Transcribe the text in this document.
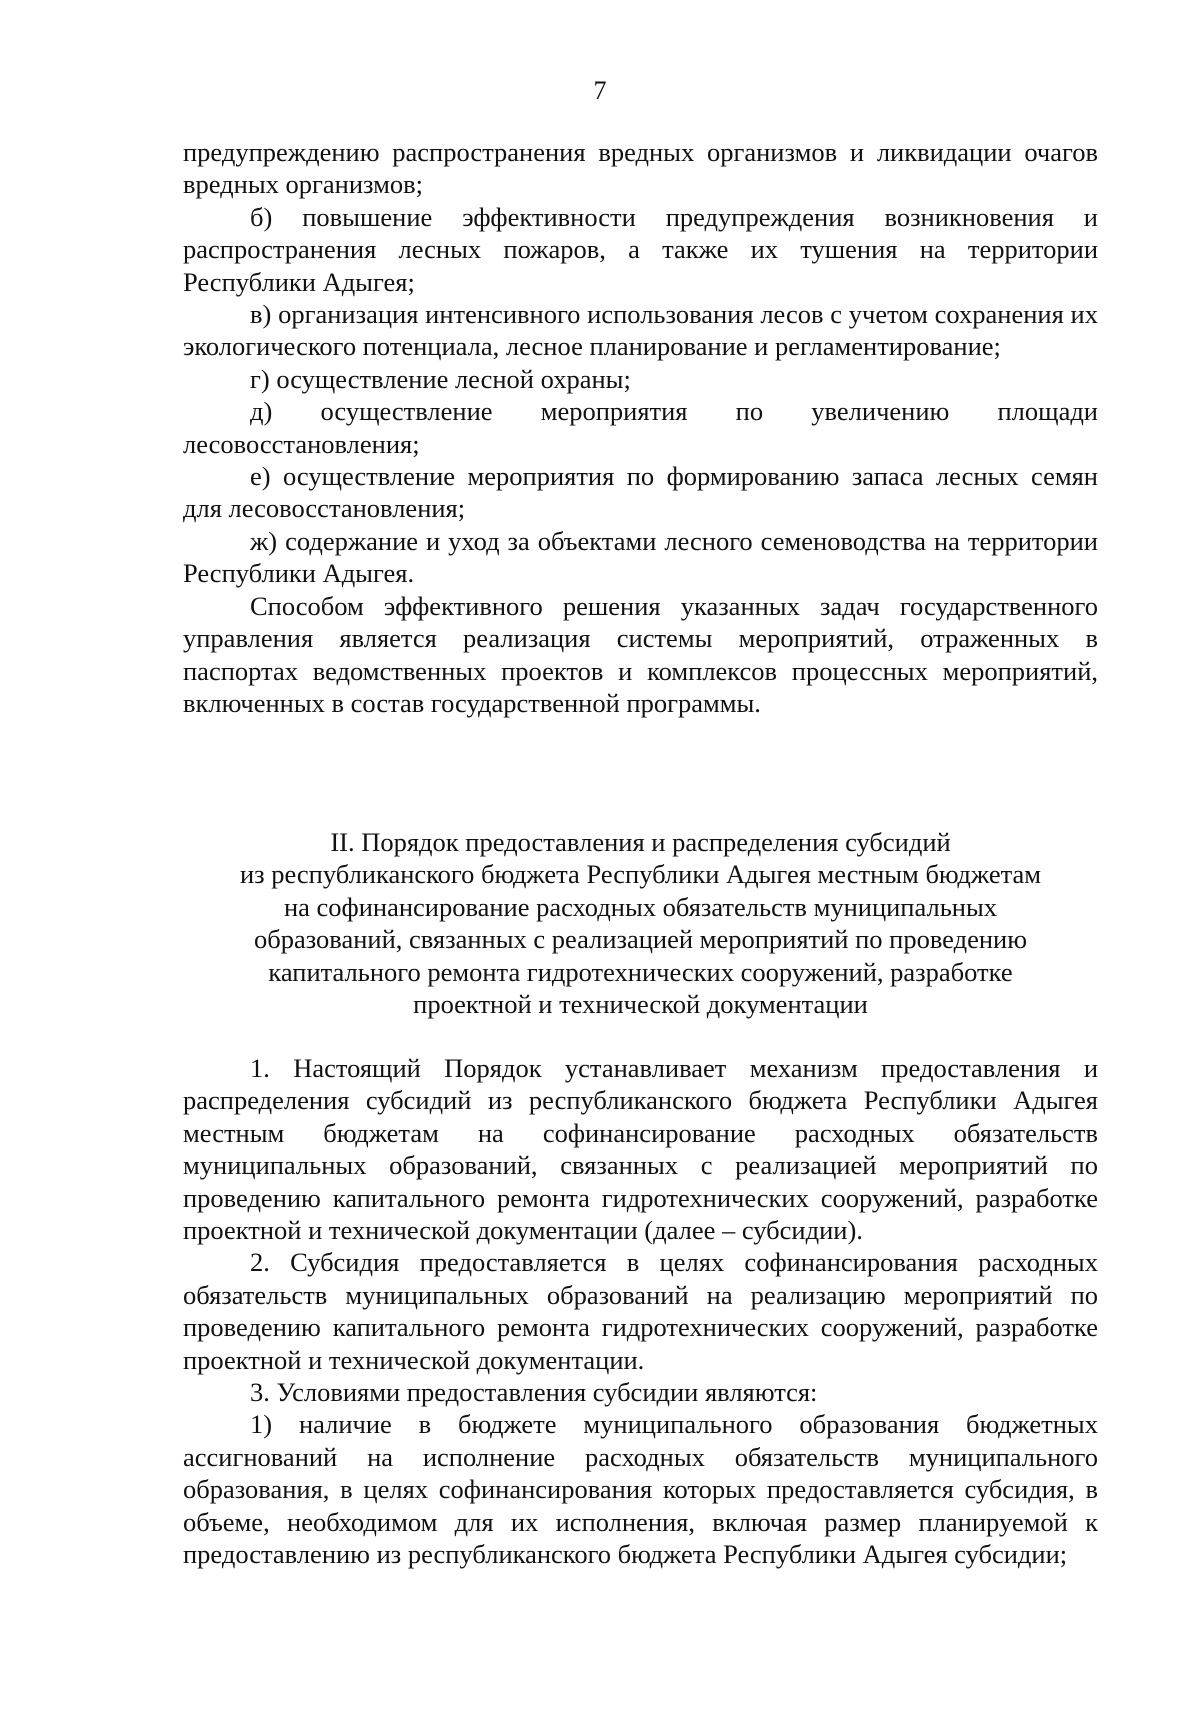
7

предупреждению распространения вредных организмов и ликвидации очагов вредных организмов;

б) повышение эффективности предупреждения возникновения и распространения лесных пожаров, а также их тушения на территории Республики Адыгея;

в) организация интенсивного использования лесов с учетом сохранения их экологического потенциала, лесное планирование и регламентирование;

г) осуществление лесной охраны;

д) осуществление мероприятия по увеличению площади лесовосстановления;

е) осуществление мероприятия по формированию запаса лесных семян для лесовосстановления;

ж) содержание и уход за объектами лесного семеноводства на территории Республики Адыгея.

Способом эффективного решения указанных задач государственного управления является реализация системы мероприятий, отраженных в паспортах ведомственных проектов и комплексов процессных мероприятий, включенных в состав государственной программы.

II. Порядок предоставления и распределения субсидий
из республиканского бюджета Республики Адыгея местным бюджетам
на софинансирование расходных обязательств муниципальных
образований, связанных с реализацией мероприятий по проведению
капитального ремонта гидротехнических сооружений, разработке
проектной и технической документации

1. Настоящий Порядок устанавливает механизм предоставления и распределения субсидий из республиканского бюджета Республики Адыгея местным бюджетам на софинансирование расходных обязательств муниципальных образований, связанных с реализацией мероприятий по проведению капитального ремонта гидротехнических сооружений, разработке проектной и технической документации (далее – субсидии).

2. Субсидия предоставляется в целях софинансирования расходных обязательств муниципальных образований на реализацию мероприятий по проведению капитального ремонта гидротехнических сооружений, разработке проектной и технической документации.

3. Условиями предоставления субсидии являются:

1) наличие в бюджете муниципального образования бюджетных ассигнований на исполнение расходных обязательств муниципального образования, в целях софинансирования которых предоставляется субсидия, в объеме, необходимом для их исполнения, включая размер планируемой к предоставлению из республиканского бюджета Республики Адыгея субсидии;
